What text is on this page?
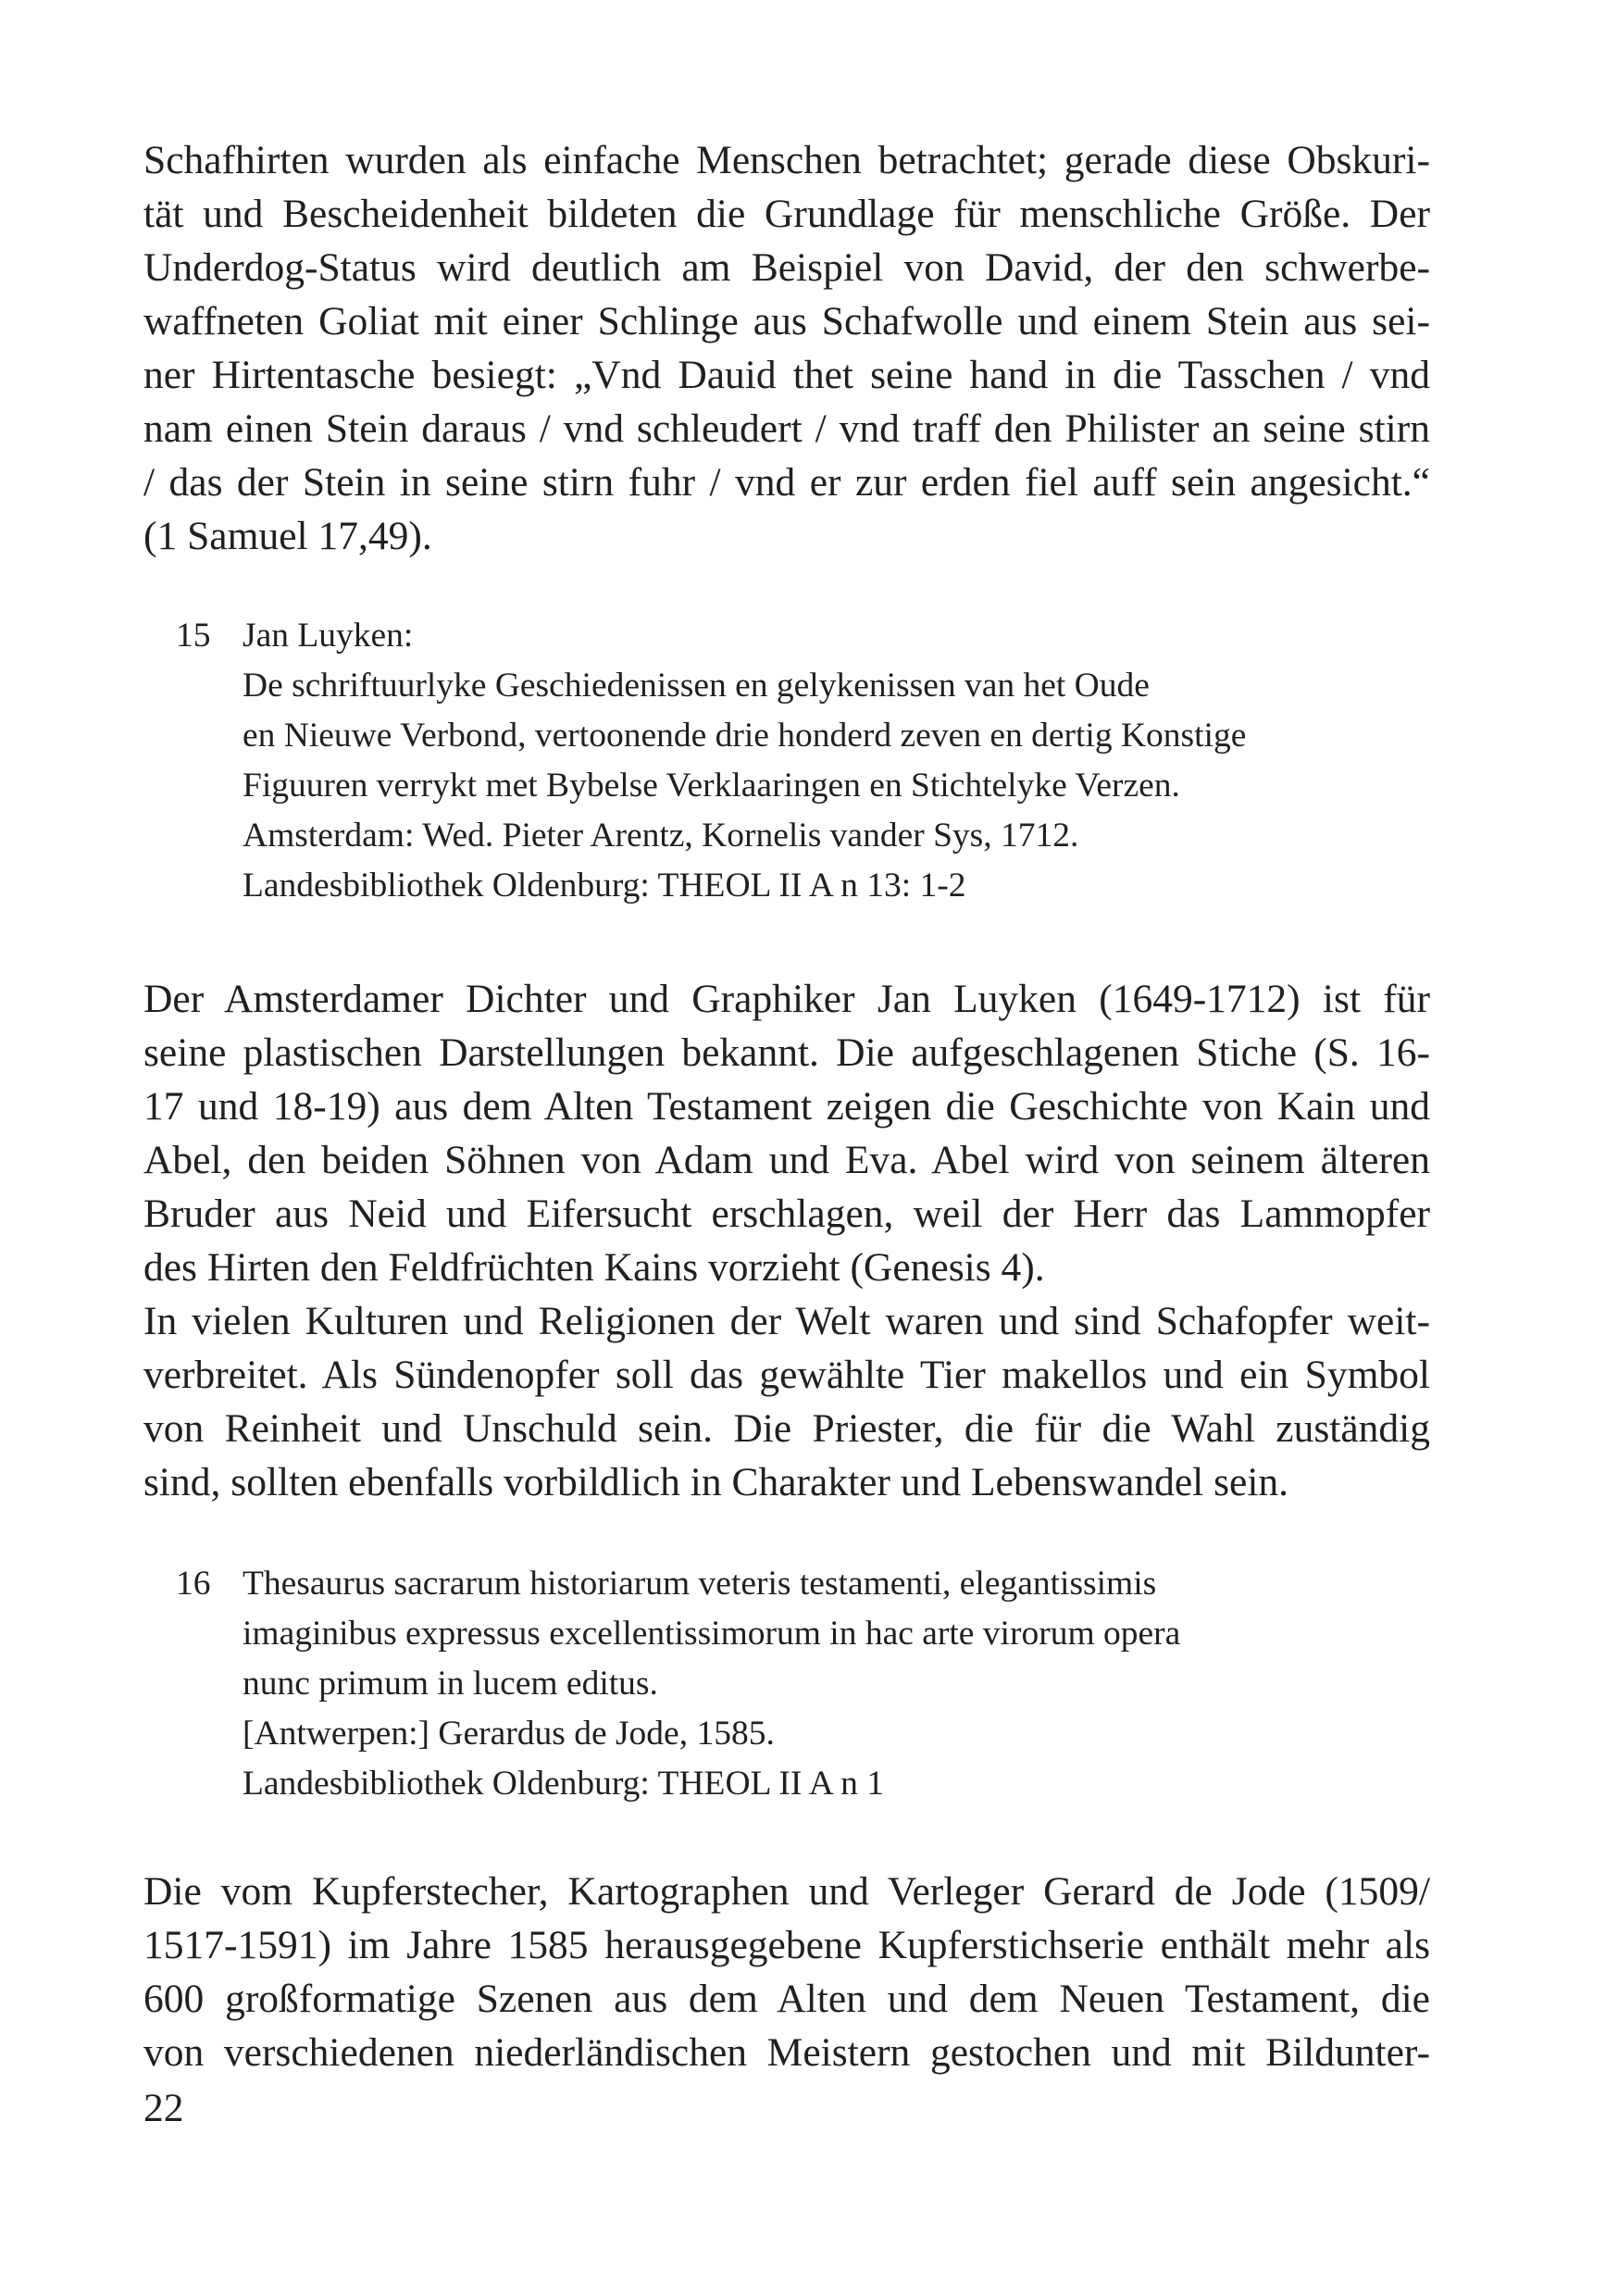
Schafhirten wurden als einfache Menschen betrachtet; gerade diese Obskuri-
tät und Bescheidenheit bildeten die Grundlage für menschliche Größe. Der
Underdog-Status wird deutlich am Beispiel von David, der den schwerbe-
waffneten Goliat mit einer Schlinge aus Schafwolle und einem Stein aus sei-
ner Hirtentasche besiegt: „Vnd Dauid thet seine hand in die Tasschen / vnd
nam einen Stein daraus / vnd schleudert / vnd traff den Philister an seine stirn
/ das der Stein in seine stirn fuhr / vnd er zur erden fiel auff sein angesicht.“
(1 Samuel 17,49).
15 Jan Luyken:
De schriftuurlyke Geschiedenissen en gelykenissen van het Oude
en Nieuwe Verbond, vertoonende drie honderd zeven en dertig Konstige
Figuuren verrykt met Bybelse Verklaaringen en Stichtelyke Verzen.
Amsterdam: Wed. Pieter Arentz, Kornelis vander Sys, 1712.
Landesbibliothek Oldenburg: THEOL II A n 13: 1-2
Der Amsterdamer Dichter und Graphiker Jan Luyken (1649-1712) ist für
seine plastischen Darstellungen bekannt. Die aufgeschlagenen Stiche (S. 16-
17 und 18-19) aus dem Alten Testament zeigen die Geschichte von Kain und
Abel, den beiden Söhnen von Adam und Eva. Abel wird von seinem älteren
Bruder aus Neid und Eifersucht erschlagen, weil der Herr das Lammopfer
des Hirten den Feldfrüchten Kains vorzieht (Genesis 4).
In vielen Kulturen und Religionen der Welt waren und sind Schafopfer weit-
verbreitet. Als Sündenopfer soll das gewählte Tier makellos und ein Symbol
von Reinheit und Unschuld sein. Die Priester, die für die Wahl zuständig
sind, sollten ebenfalls vorbildlich in Charakter und Lebenswandel sein.
16 Thesaurus sacrarum historiarum veteris testamenti, elegantissimis
imaginibus expressus excellentissimorum in hac arte virorum opera
nunc primum in lucem editus.
[Antwerpen:] Gerardus de Jode, 1585.
Landesbibliothek Oldenburg: THEOL II A n 1
Die vom Kupferstecher, Kartographen und Verleger Gerard de Jode (1509/
1517-1591) im Jahre 1585 herausgegebene Kupferstichserie enthält mehr als
600 großformatige Szenen aus dem Alten und dem Neuen Testament, die
von verschiedenen niederländischen Meistern gestochen und mit Bildunter-
22
